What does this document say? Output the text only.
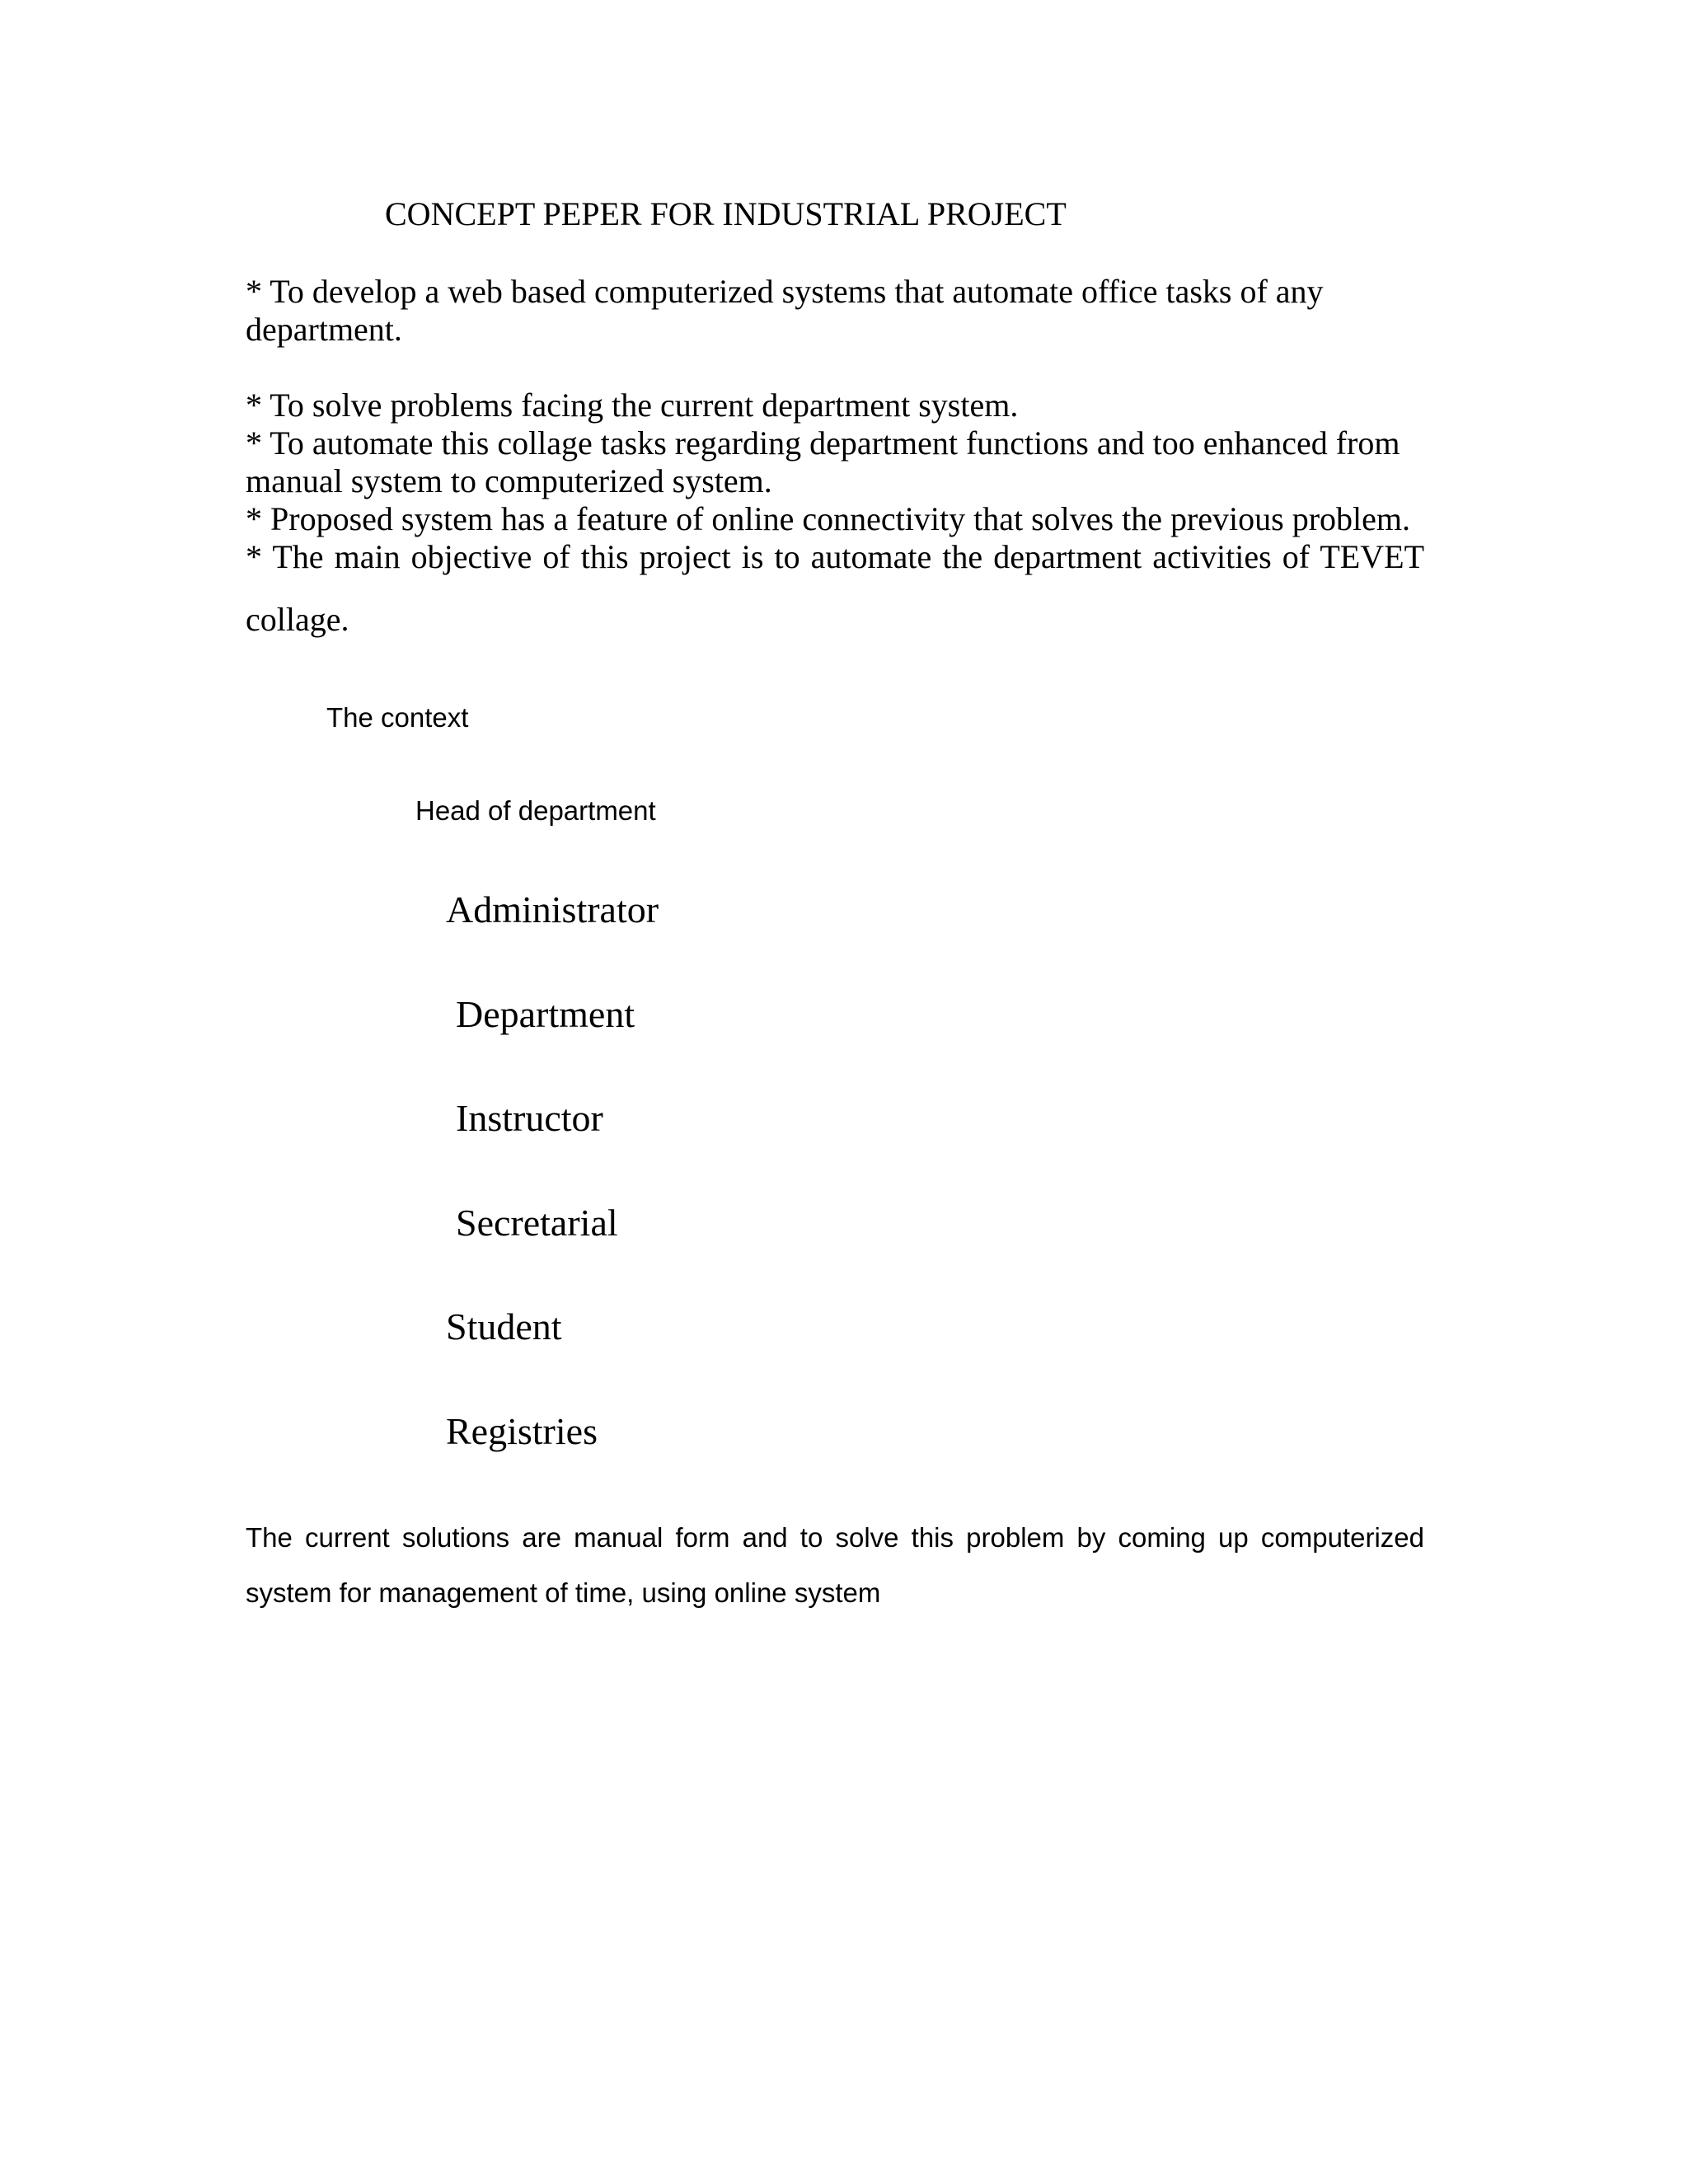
CONCEPT PEPER FOR INDUSTRIAL PROJECT
* To develop a web based computerized systems that automate office tasks of any department.
* To solve problems facing the current department system.
* To automate this collage tasks regarding department functions and too enhanced from manual system to computerized system.
* Proposed system has a feature of online connectivity that solves the previous problem.
* The main objective of this project is to automate the department activities of TEVET
collage.
The context
Head of department
Administrator
Department
Instructor
Secretarial
Student
Registries
The current solutions are manual form and to solve this problem by coming up computerized system for management of time, using online system
